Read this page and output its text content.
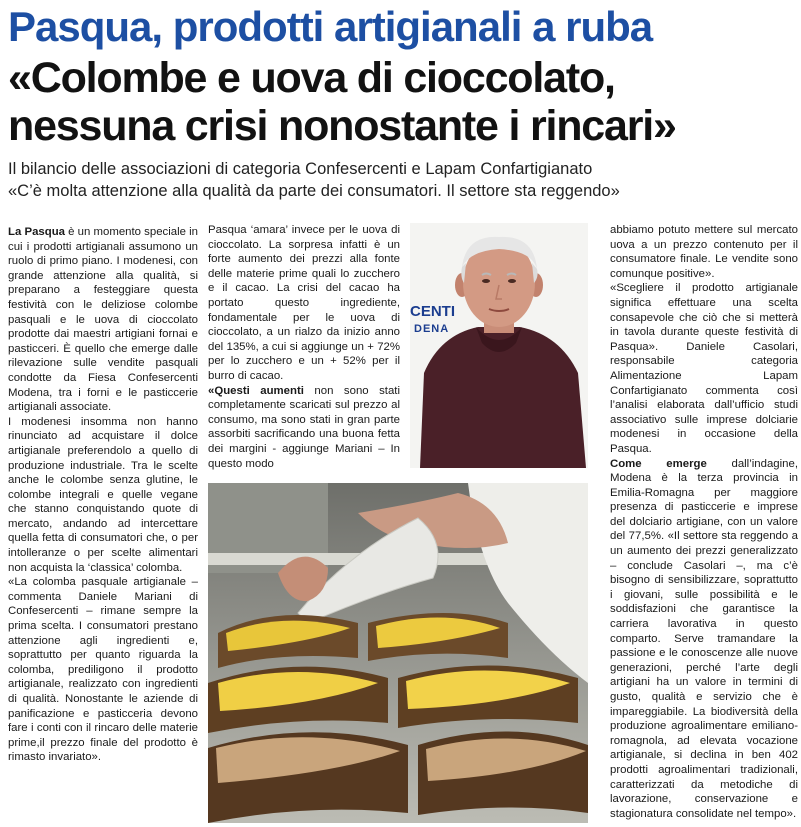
Pasqua, prodotti artigianali a ruba
«Colombe e uova di cioccolato,
nessuna crisi nonostante i rincari»
Il bilancio delle associazioni di categoria Confesercenti e Lapam Confartigianato
«C’è molta attenzione alla qualità da parte dei consumatori. Il settore sta reggendo»

La Pasqua è un momento speciale in cui i prodotti artigianali assumono un ruolo di primo piano. I modenesi, con grande attenzione alla qualità, si preparano a festeggiare questa festività con le deliziose colombe pasquali e le uova di cioccolato prodotte dai maestri artigiani fornai e pasticceri. È quello che emerge dalle rilevazione sulle vendite pasquali condotte da Fiesa Confesercenti Modena, tra i forni e le pasticcerie artigianali associate.

I modenesi insomma non hanno rinunciato ad acquistare il dolce artigianale preferendolo a quello di produzione industriale. Tra le scelte anche le colombe senza glutine, le colombe integrali e quelle vegane che stanno conquistando quote di mercato, andando ad intercettare quella fetta di consumatori che, o per intolleranze o per scelte alimentari non acquista la ‘classica’ colomba.

«La colomba pasquale artigianale – commenta Daniele Mariani di Confesercenti – rimane sempre la prima scelta. I consumatori prestano attenzione agli ingredienti e, soprattutto per quanto riguarda la colomba, prediligono il prodotto artigianale, realizzato con ingredienti di qualità. Nonostante le aziende di panificazione e pasticceria devono fare i conti con il rincaro delle materie prime,il prezzo finale del prodotto è rimasto invariato».

Pasqua ‘amara’ invece per le uova di cioccolato. La sorpresa infatti è un forte aumento dei prezzi alla fonte delle materie prime quali lo zucchero e il cacao. La crisi del cacao ha portato questo ingrediente, fondamentale per le uova di cioccolato, a un rialzo da inizio anno del 135%, a cui si aggiunge un + 72% per lo zucchero e un + 52% per il burro di cacao.

«Questi aumenti non sono stati completamente scaricati sul prezzo al consumo, ma sono stati in gran parte assorbiti sacrificando una buona fetta dei margini - aggiunge Mariani – In questo modo

abbiamo potuto mettere sul mercato uova a un prezzo contenuto per il consumatore finale. Le vendite sono comunque positive».

«Scegliere il prodotto artigianale significa effettuare una scelta consapevole che ciò che si metterà in tavola durante queste festività di Pasqua». Daniele Casolari, responsabile categoria Alimentazione Lapam Confartigianato commenta così l’analisi elaborata dall’ufficio studi associativo sulle imprese dolciarie modenesi in occasione della Pasqua.

Come emerge dall’indagine, Modena è la terza provincia in Emilia-Romagna per maggiore presenza di pasticcerie e imprese del dolciario artigiane, con un valore del 77,5%. «Il settore sta reggendo a un aumento dei prezzi generalizzato – conclude Casolari –, ma c’è bisogno di sensibilizzare, soprattutto i giovani, sulle possibilità e le soddisfazioni che garantisce la carriera lavorativa in questo comparto. Serve tramandare la passione e le conoscenze alle nuove generazioni, perché l’arte degli artigiani ha un valore in termini di gusto, qualità e servizio che è impareggiabile. La biodiversità della produzione agroalimentare emiliano-romagnola, ad elevata vocazione artigianale, si declina in ben 402 prodotti agroalimentari tradizionali, caratterizzati da metodiche di lavorazione, conservazione e stagionatura consolidate nel tempo».

CENTI
DENA
